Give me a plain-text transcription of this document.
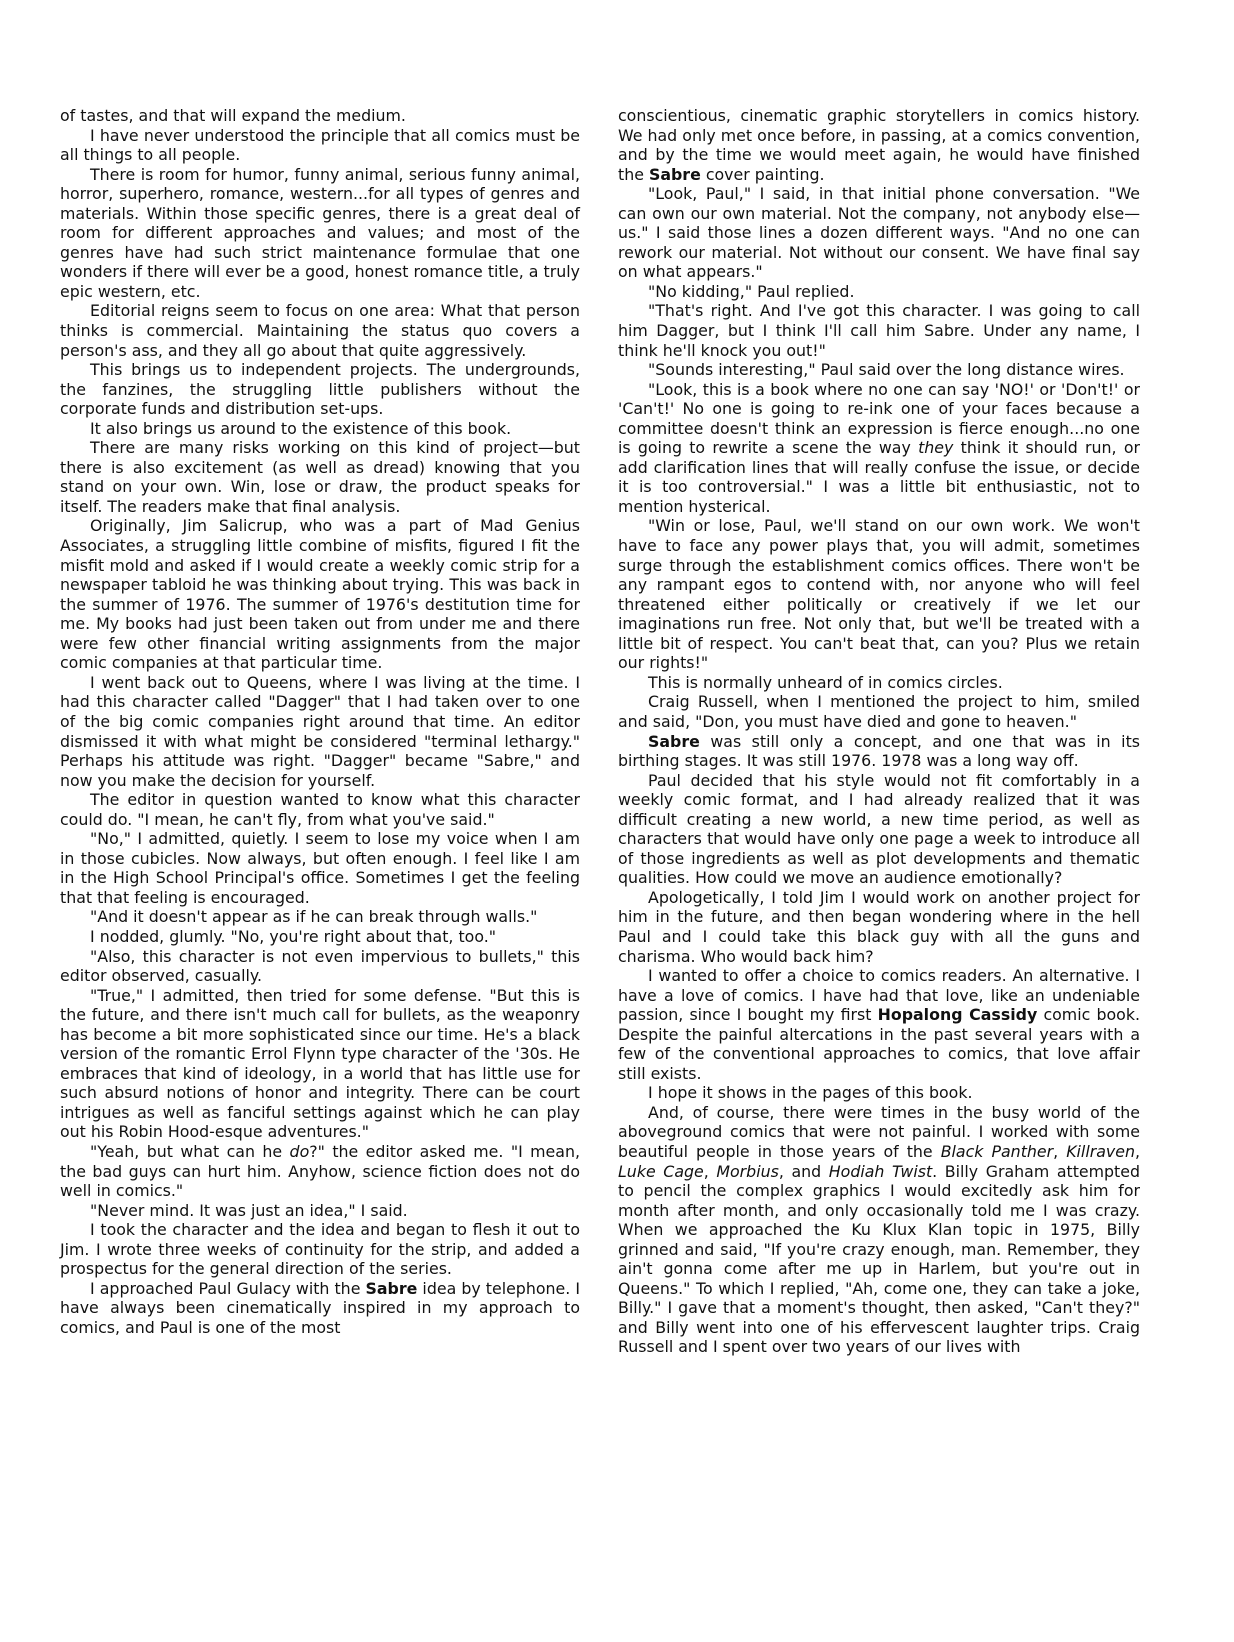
of tastes, and that will expand the medium.

I have never understood the principle that all comics must be all things to all people.

There is room for humor, funny animal, serious funny animal, horror, superhero, romance, western...for all types of genres and materials. Within those specific genres, there is a great deal of room for different approaches and values; and most of the genres have had such strict maintenance formulae that one wonders if there will ever be a good, honest romance title, a truly epic western, etc.

Editorial reigns seem to focus on one area: What that person thinks is commercial. Maintaining the status quo covers a person's ass, and they all go about that quite aggressively.

This brings us to independent projects. The undergrounds, the fanzines, the struggling little publishers without the corporate funds and distribution set-ups.

It also brings us around to the existence of this book.

There are many risks working on this kind of project—but there is also excitement (as well as dread) knowing that you stand on your own. Win, lose or draw, the product speaks for itself. The readers make that final analysis.

Originally, Jim Salicrup, who was a part of Mad Genius Associates, a struggling little combine of misfits, figured I fit the misfit mold and asked if I would create a weekly comic strip for a newspaper tabloid he was thinking about trying. This was back in the summer of 1976. The summer of 1976's destitution time for me. My books had just been taken out from under me and there were few other financial writing assignments from the major comic companies at that particular time.

I went back out to Queens, where I was living at the time. I had this character called "Dagger" that I had taken over to one of the big comic companies right around that time. An editor dismissed it with what might be considered "terminal lethargy." Perhaps his attitude was right. "Dagger" became "Sabre," and now you make the decision for yourself.

The editor in question wanted to know what this character could do. "I mean, he can't fly, from what you've said."

"No," I admitted, quietly. I seem to lose my voice when I am in those cubicles. Now always, but often enough. I feel like I am in the High School Principal's office. Sometimes I get the feeling that that feeling is encouraged.

"And it doesn't appear as if he can break through walls."

I nodded, glumly. "No, you're right about that, too."

"Also, this character is not even impervious to bullets," this editor observed, casually.

"True," I admitted, then tried for some defense. "But this is the future, and there isn't much call for bullets, as the weaponry has become a bit more sophisticated since our time. He's a black version of the romantic Errol Flynn type character of the '30s. He embraces that kind of ideology, in a world that has little use for such absurd notions of honor and integrity. There can be court intrigues as well as fanciful settings against which he can play out his Robin Hood-esque adventures."

"Yeah, but what can he do?" the editor asked me. "I mean, the bad guys can hurt him. Anyhow, science fiction does not do well in comics."

"Never mind. It was just an idea," I said.

I took the character and the idea and began to flesh it out to Jim. I wrote three weeks of continuity for the strip, and added a prospectus for the general direction of the series.

I approached Paul Gulacy with the Sabre idea by telephone. I have always been cinematically inspired in my approach to comics, and Paul is one of the most

conscientious, cinematic graphic storytellers in comics history. We had only met once before, in passing, at a comics convention, and by the time we would meet again, he would have finished the Sabre cover painting.

"Look, Paul," I said, in that initial phone conversation. "We can own our own material. Not the company, not anybody else—us." I said those lines a dozen different ways. "And no one can rework our material. Not without our consent. We have final say on what appears."

"No kidding," Paul replied.

"That's right. And I've got this character. I was going to call him Dagger, but I think I'll call him Sabre. Under any name, I think he'll knock you out!"

"Sounds interesting," Paul said over the long distance wires.

"Look, this is a book where no one can say 'NO!' or 'Don't!' or 'Can't!' No one is going to re-ink one of your faces because a committee doesn't think an expression is fierce enough...no one is going to rewrite a scene the way they think it should run, or add clarification lines that will really confuse the issue, or decide it is too controversial." I was a little bit enthusiastic, not to mention hysterical.

"Win or lose, Paul, we'll stand on our own work. We won't have to face any power plays that, you will admit, sometimes surge through the establishment comics offices. There won't be any rampant egos to contend with, nor anyone who will feel threatened either politically or creatively if we let our imaginations run free. Not only that, but we'll be treated with a little bit of respect. You can't beat that, can you? Plus we retain our rights!"

This is normally unheard of in comics circles.

Craig Russell, when I mentioned the project to him, smiled and said, "Don, you must have died and gone to heaven."

Sabre was still only a concept, and one that was in its birthing stages. It was still 1976. 1978 was a long way off.

Paul decided that his style would not fit comfortably in a weekly comic format, and I had already realized that it was difficult creating a new world, a new time period, as well as characters that would have only one page a week to introduce all of those ingredients as well as plot developments and thematic qualities. How could we move an audience emotionally?

Apologetically, I told Jim I would work on another project for him in the future, and then began wondering where in the hell Paul and I could take this black guy with all the guns and charisma. Who would back him?

I wanted to offer a choice to comics readers. An alternative. I have a love of comics. I have had that love, like an undeniable passion, since I bought my first Hopalong Cassidy comic book. Despite the painful altercations in the past several years with a few of the conventional approaches to comics, that love affair still exists.

I hope it shows in the pages of this book.

And, of course, there were times in the busy world of the aboveground comics that were not painful. I worked with some beautiful people in those years of the Black Panther, Killraven, Luke Cage, Morbius, and Hodiah Twist. Billy Graham attempted to pencil the complex graphics I would excitedly ask him for month after month, and only occasionally told me I was crazy. When we approached the Ku Klux Klan topic in 1975, Billy grinned and said, "If you're crazy enough, man. Remember, they ain't gonna come after me up in Harlem, but you're out in Queens." To which I replied, "Ah, come one, they can take a joke, Billy." I gave that a moment's thought, then asked, "Can't they?" and Billy went into one of his effervescent laughter trips. Craig Russell and I spent over two years of our lives with
